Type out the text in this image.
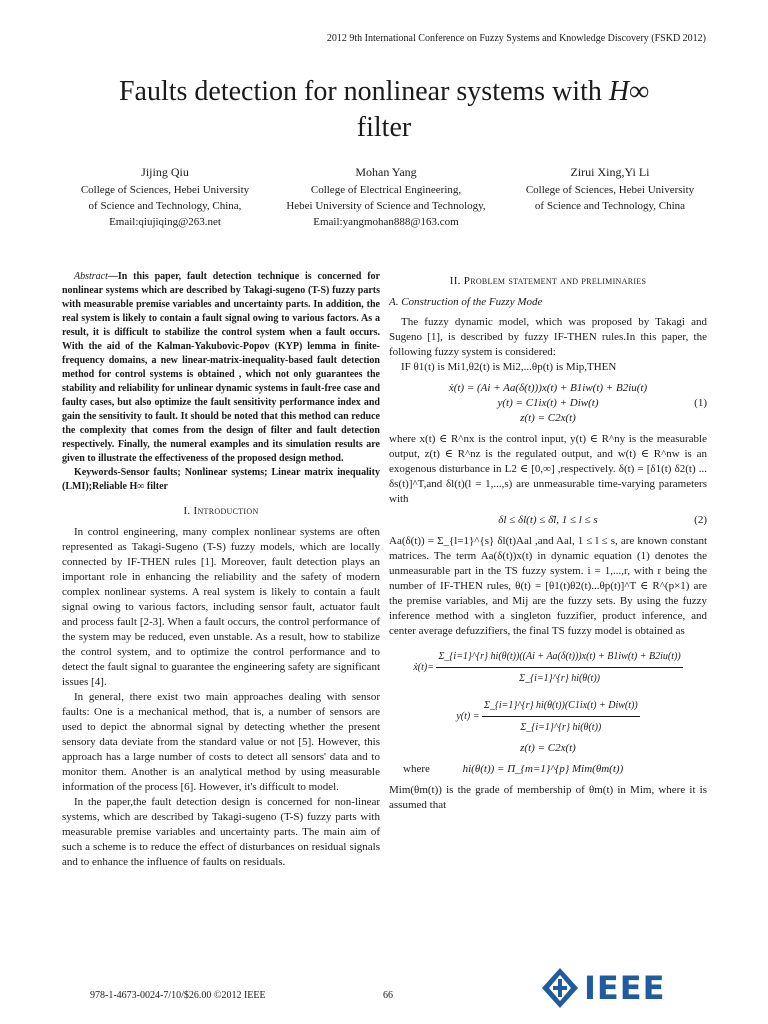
2012 9th International Conference on Fuzzy Systems and Knowledge Discovery (FSKD 2012)
Faults detection for nonlinear systems with H∞
filter
Jijing Qiu
College of Sciences, Hebei University
of Science and Technology, China,
Email:qiujiqing@263.net
Mohan Yang
College of Electrical Engineering,
Hebei University of Science and Technology,
Email:yangmohan888@163.com
Zirui Xing,Yi Li
College of Sciences, Hebei University
of Science and Technology, China

Abstract—In this paper, fault detection technique is concerned for nonlinear systems which are described by Takagi-sugeno (T-S) fuzzy parts with measurable premise variables and uncertainty parts. In addition, the real system is likely to contain a fault signal owing to various factors. As a result, it is difficult to stabilize the control system when a fault occurs. With the aid of the Kalman-Yakubovic-Popov (KYP) lemma in finite-frequency domains, a new linear-matrix-inequality-based fault detection method for control systems is obtained , which not only guarantees the stability and reliability for unlinear dynamic systems in fault-free case and faulty cases, but also optimize the fault sensitivity performance index and gain the sensitivity to fault. It should be noted that this method can reduce the complexity that comes from the design of filter and fault detection respectively. Finally, the numeral examples and its simulation results are given to illustrate the effectiveness of the proposed design method.

Keywords-Sensor faults; Nonlinear systems; Linear matrix inequality (LMI);Reliable H∞ filter

I. Introduction

In control engineering, many complex nonlinear systems are often represented as Takagi-Sugeno (T-S) fuzzy models, which are locally connected by IF-THEN rules [1]. Moreover, fault detection plays an important role in enhancing the reliability and the safety of modern complex nonlinear systems. A real system is likely to contain a fault signal owing to various factors, including sensor fault, actuator fault and process fault [2-3]. When a fault occurs, the control performance of the system may be reduced, even unstable. As a result, how to stabilize the control system, and to optimize the control performance and to detect the fault signal to guarantee the engineering safety are significant issues [4].

In general, there exist two main approaches dealing with sensor faults: One is a mechanical method, that is, a number of sensors are used to depict the abnormal signal by detecting whether the present sensory data deviate from the standard value or not [5]. However, this approach has a large number of costs to detect all sensors' data and to monitor them. Another is an analytical method by using measurable information of the process [6]. However, it's difficult to model.

In the paper,the fault detection design is concerned for non-linear systems, which are described by Takagi-sugeno (T-S) fuzzy parts with measurable premise variables and uncertainty parts. The main aim of such a scheme is to reduce the effect of disturbances on residual signals and to enhance the influence of faults on residuals.

II. Problem statement and preliminaries
A. Construction of the Fuzzy Mode

The fuzzy dynamic model, which was proposed by Takagi and Sugeno [1], is described by fuzzy IF-THEN rules.In this paper, the following fuzzy system is considered:

IF θ1(t) is Mi1,θ2(t) is Mi2,...θp(t) is Mip,THEN

ẋ(t) = (Ai + Aa(δ(t)))x(t) + B1iw(t) + B2iu(t)
y(t) = C1ix(t) + Diw(t)
z(t) = C2x(t)
(1)

where x(t) ∈ R^nx is the control input, y(t) ∈ R^ny is the measurable output, z(t) ∈ R^nz is the regulated output, and w(t) ∈ R^nw is an exogenous disturbance in L2 ∈ [0,∞] ,respectively. δ(t) = [δ1(t) δ2(t) ... δs(t)]^T,and δl(t)(l = 1,...,s) are unmeasurable time-varying parameters with

δl ≤ δl(t) ≤ δ̄l, 1 ≤ l ≤ s	(2)

Aa(δ(t)) = Σ_{l=1}^{s} δl(t)Aal ,and Aal, 1 ≤ l ≤ s, are known constant matrices. The term Aa(δ(t))x(t) in dynamic equation (1) denotes the unmeasurable part in the TS fuzzy system. i = 1,...,r, with r being the number of IF-THEN rules, θ(t) = [θ1(t)θ2(t)...θp(t)]^T ∈ R^(p×1) are the premise variables, and Mij are the fuzzy sets. By using the fuzzy inference method with a singleton fuzzifier, product inference, and center average defuzzifiers, the final TS fuzzy model is obtained as

ẋ(t)=
Σ_{i=1}^{r} hi(θ(t))((Ai + Aa(δ(t)))x(t) + B1iw(t) + B2iu(t))
Σ_{i=1}^{r} hi(θ(t))
$y(t) = \frac{\text{Σ\_\{i=1\}\textasciicircum{}\{r\} hi(θ(t))(C1ix(t) + Diw(t))}}{\Sigma\_\{i=1\}\^{}\{r\} hi(\theta(t))}$
z(t) = C2x(t)
where	hi(θ(t)) = Π_{m=1}^{p} Mim(θm(t))

Mim(θm(t)) is the grade of membership of θm(t) in Mim, where it is assumed that

978-1-4673-0024-7/10/$26.00 ©2012 IEEE	66	IEEE
